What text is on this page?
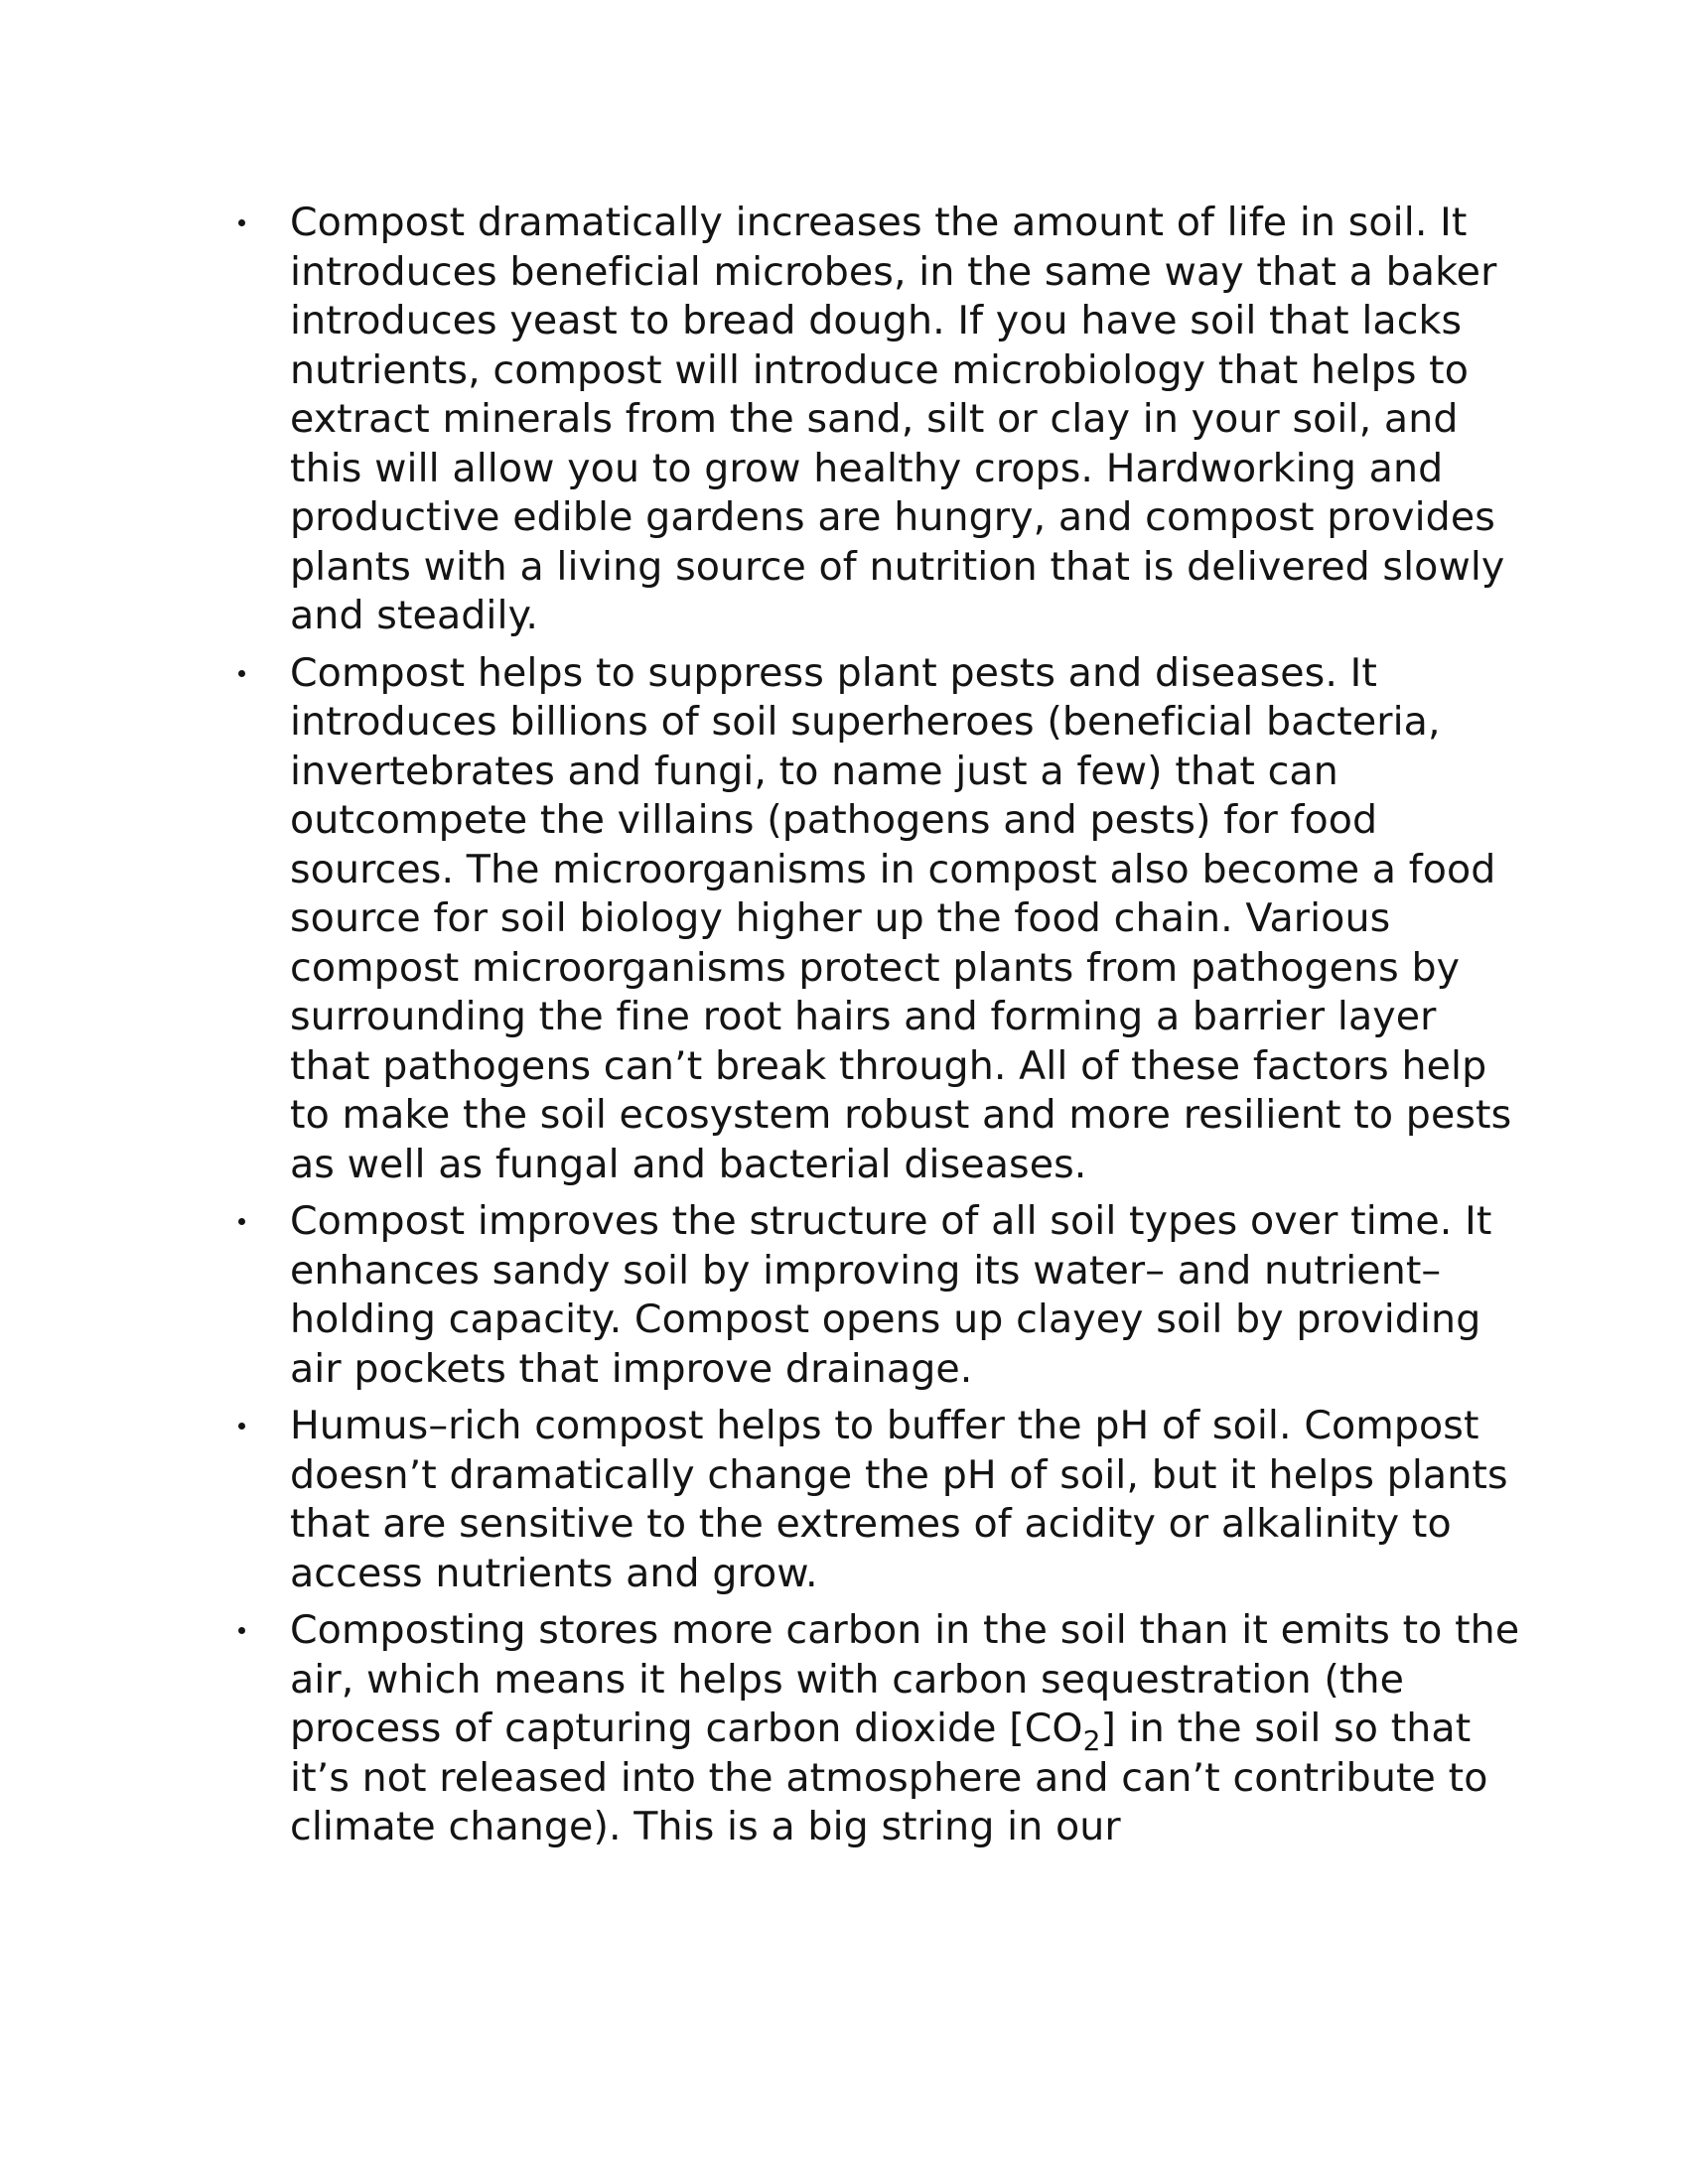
Compost dramatically increases the amount of life in soil. It introduces beneficial microbes, in the same way that a baker introduces yeast to bread dough. If you have soil that lacks nutrients, compost will introduce microbiology that helps to extract minerals from the sand, silt or clay in your soil, and this will allow you to grow healthy crops. Hardworking and productive edible gardens are hungry, and compost provides plants with a living source of nutrition that is delivered slowly and steadily.
Compost helps to suppress plant pests and diseases. It introduces billions of soil superheroes (beneficial bacteria, invertebrates and fungi, to name just a few) that can outcompete the villains (pathogens and pests) for food sources. The microorganisms in compost also become a food source for soil biology higher up the food chain. Various compost microorganisms protect plants from pathogens by surrounding the fine root hairs and forming a barrier layer that pathogens can’t break through. All of these factors help to make the soil ecosystem robust and more resilient to pests as well as fungal and bacterial diseases.
Compost improves the structure of all soil types over time. It enhances sandy soil by improving its water– and nutrient–holding capacity. Compost opens up clayey soil by providing air pockets that improve drainage.
Humus–rich compost helps to buffer the pH of soil. Compost doesn’t dramatically change the pH of soil, but it helps plants that are sensitive to the extremes of acidity or alkalinity to access nutrients and grow.
Composting stores more carbon in the soil than it emits to the air, which means it helps with carbon sequestration (the process of capturing carbon dioxide $[CO_2]$ in the soil so that it’s not released into the atmosphere and can’t contribute to climate change). This is a big string in our
